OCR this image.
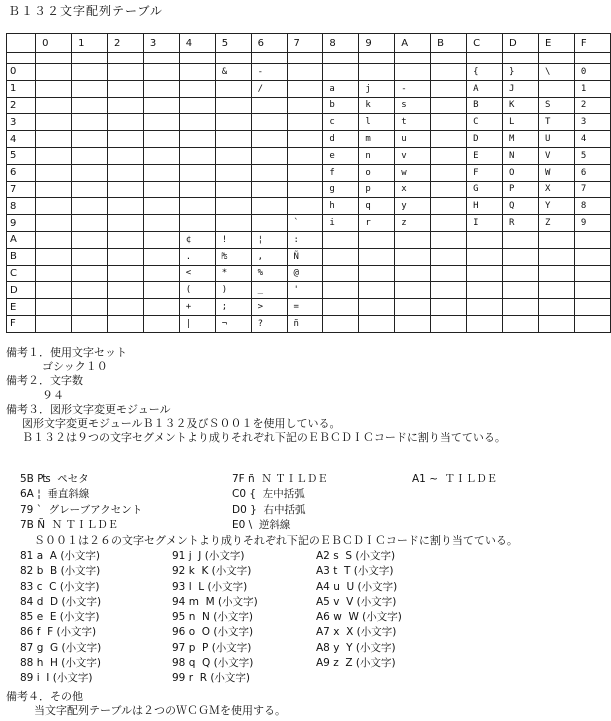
Ｂ１３２文字配列テーブル
	0	1	2	3	4	5	6	7	8	9	A	B	C	D	E	F

0						&	-						{	}	\	0
1							/		a	j	-		A	J		1
2									b	k	s		B	K	S	2
3									c	l	t		C	L	T	3
4									d	m	u		D	M	U	4
5									e	n	v		E	N	V	5
6									f	o	w		F	O	W	6
7									g	p	x		G	P	X	7
8									h	q	y		H	Q	Y	8
9								`	i	r	z		I	R	Z	9
A					¢	!	¦	:								
B					.	₧	,	Ñ								
C					<	*	%	@								
D					(	)	_	'								
E					+	;	>	=								
F					|	¬	?	ñ								
備考１．使用文字セット
ゴシック１０
備考２．文字数
９４
備考３．図形文字変更モジュール
図形文字変更モジュールＢ１３２及びＳ００１を使用している。
Ｂ１３２は９つの文字セグメントより成りそれぞれ下記のＥＢＣＤＩＣコードに割り当てている。
5B ₧  ペセタ	7F ñ  Ｎ ＴＩＬＤＥ	A1 ~  ＴＩＬＤＥ
6A ¦  垂直斜線	C0 {  左中括弧
79 `  グレーブアクセント	D0 }  右中括弧
7B Ñ  Ｎ ＴＩＬＤＥ	E0 \  逆斜線
Ｓ００１は２６の文字セグメントより成りそれぞれ下記のＥＢＣＤＩＣコードに割り当てている。
81 a  A (小文字)	91 j  J (小文字)	A2 s  S (小文字)
82 b  B (小文字)	92 k  K (小文字)	A3 t  T (小文字)
83 c  C (小文字)	93 l  L (小文字)	A4 u  U (小文字)
84 d  D (小文字)	94 m  M (小文字)	A5 v  V (小文字)
85 e  E (小文字)	95 n  N (小文字)	A6 w  W (小文字)
86 f  F (小文字)	96 o  O (小文字)	A7 x  X (小文字)
87 g  G (小文字)	97 p  P (小文字)	A8 y  Y (小文字)
88 h  H (小文字)	98 q  Q (小文字)	A9 z  Z (小文字)
89 i  I (小文字)	99 r  R (小文字)
備考４．その他
当文字配列テーブルは２つのＷＣＧＭを使用する。
